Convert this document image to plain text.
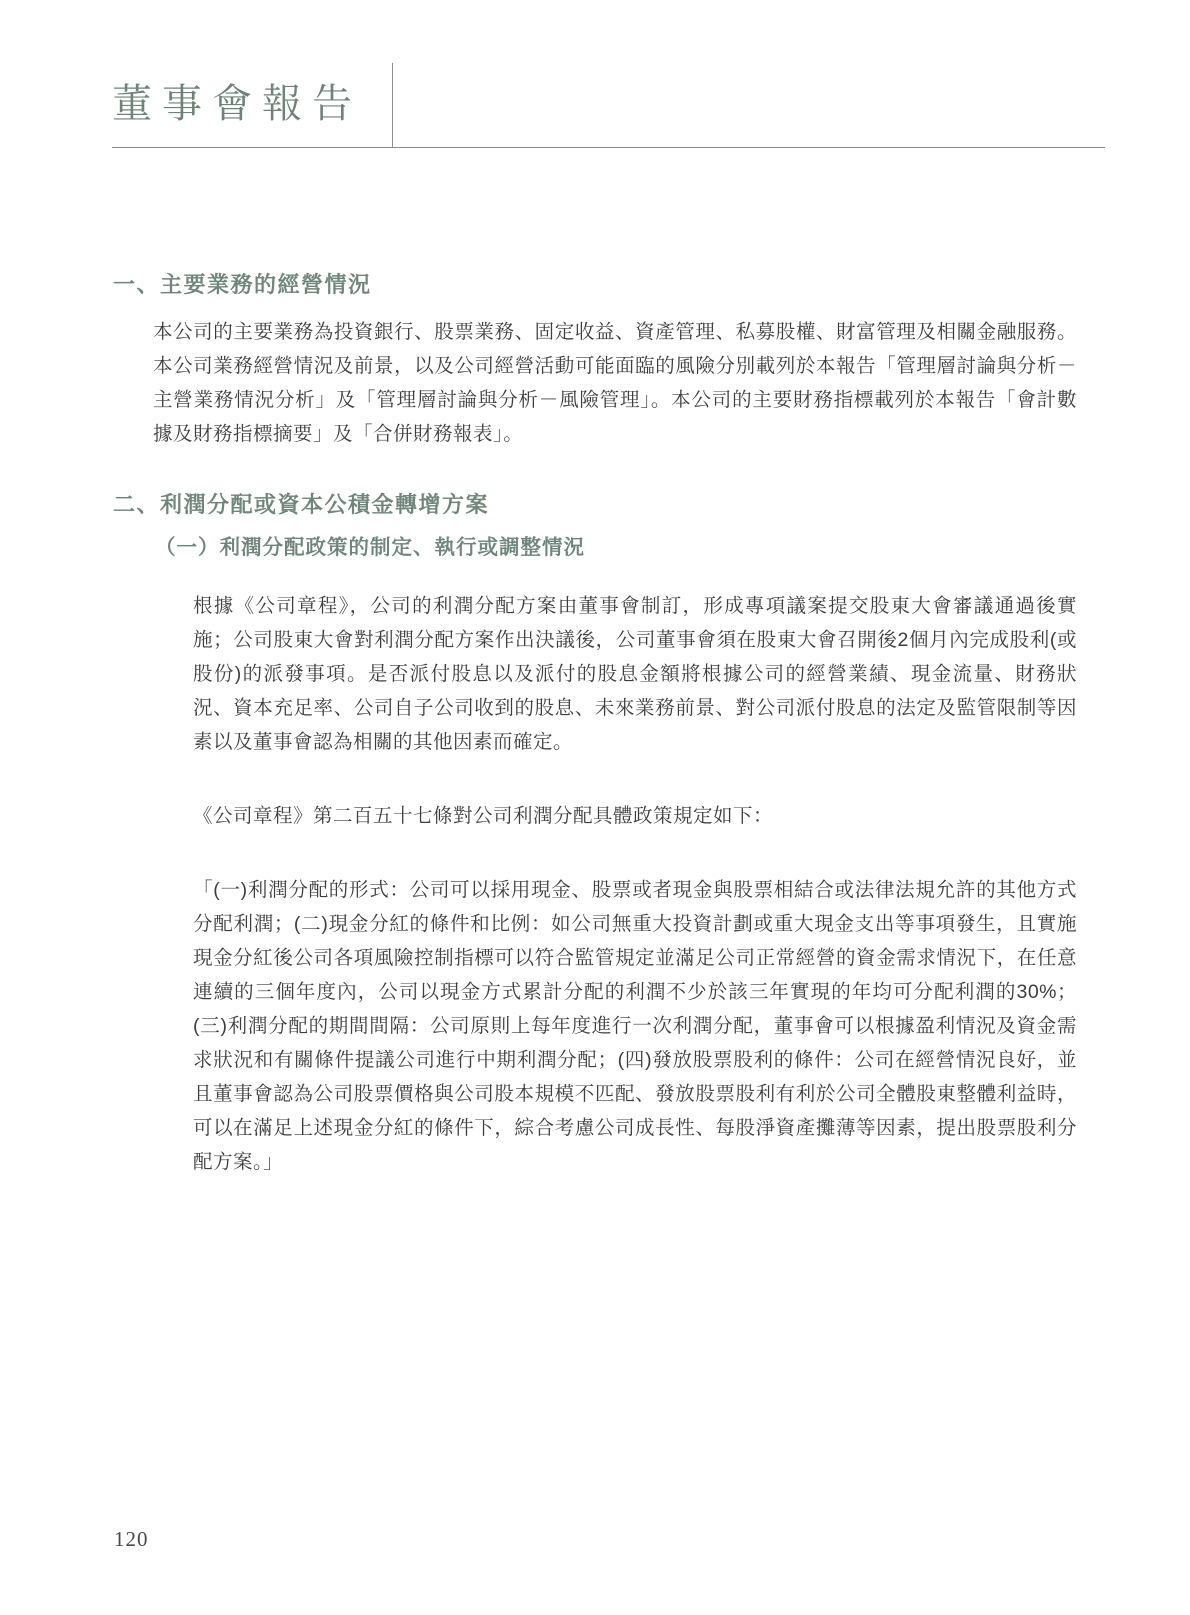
董事會報告
一、主要業務的經營情況

本公司的主要業務為投資銀行、股票業務、固定收益、資產管理、私募股權、財富管理及相關金融服務。本公司業務經營情況及前景，以及公司經營活動可能面臨的風險分別載列於本報告「管理層討論與分析－主營業務情況分析」及「管理層討論與分析－風險管理」。本公司的主要財務指標載列於本報告「會計數據及財務指標摘要」及「合併財務報表」。

二、利潤分配或資本公積金轉增方案
（一）利潤分配政策的制定、執行或調整情況

根據《公司章程》，公司的利潤分配方案由董事會制訂，形成專項議案提交股東大會審議通過後實施；公司股東大會對利潤分配方案作出決議後，公司董事會須在股東大會召開後2個月內完成股利(或股份)的派發事項。是否派付股息以及派付的股息金額將根據公司的經營業績、現金流量、財務狀況、資本充足率、公司自子公司收到的股息、未來業務前景、對公司派付股息的法定及監管限制等因素以及董事會認為相關的其他因素而確定。

《公司章程》第二百五十七條對公司利潤分配具體政策規定如下：

「(一)利潤分配的形式：公司可以採用現金、股票或者現金與股票相結合或法律法規允許的其他方式分配利潤；(二)現金分紅的條件和比例：如公司無重大投資計劃或重大現金支出等事項發生，且實施現金分紅後公司各項風險控制指標可以符合監管規定並滿足公司正常經營的資金需求情況下，在任意連續的三個年度內，公司以現金方式累計分配的利潤不少於該三年實現的年均可分配利潤的30%；(三)利潤分配的期間間隔：公司原則上每年度進行一次利潤分配，董事會可以根據盈利情況及資金需求狀況和有關條件提議公司進行中期利潤分配；(四)發放股票股利的條件：公司在經營情況良好，並且董事會認為公司股票價格與公司股本規模不匹配、發放股票股利有利於公司全體股東整體利益時，可以在滿足上述現金分紅的條件下，綜合考慮公司成長性、每股淨資產攤薄等因素，提出股票股利分配方案。」

120
